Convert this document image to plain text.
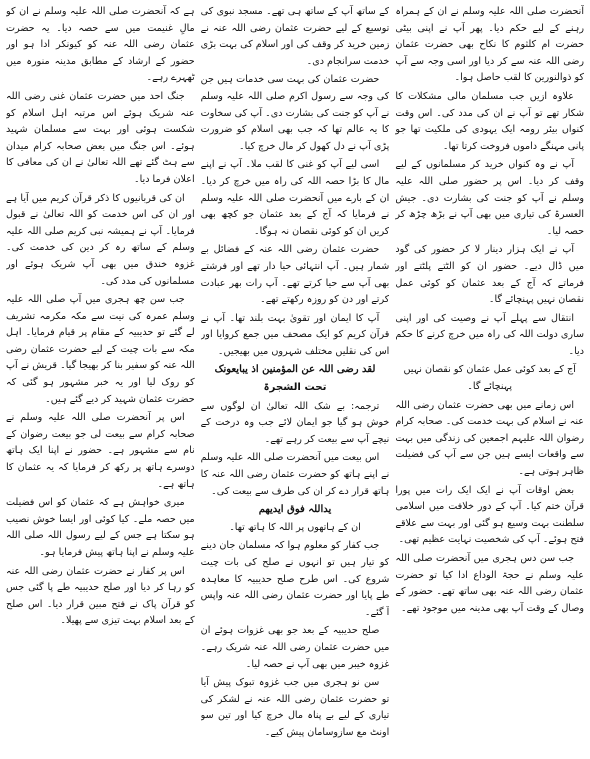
ہے کہ آنحضرت صلی اللہ علیہ وسلم نے ان کو مالِ غنیمت میں سے حصہ دیا۔ یہ حضرت عثمان رضی اللہ عنہ کو کیونکر ادا ہو اور حضور کے ارشاد کے مطابق مدینہ منورہ میں ٹھہرے رہے۔

جنگ احد میں حضرت عثمان غنی رضی اللہ عنہ شریک ہوئے اس مرتبہ اہل اسلام کو شکست ہوئی اور بہت سے مسلمان شہید ہوئے۔ اس جنگ میں بعض صحابہ کرام میدان سے ہٹ گئے تھے اللہ تعالیٰ نے ان کی معافی کا اعلان فرما دیا۔

ان کی قربانیوں کا ذکر قرآن کریم میں آیا ہے اور ان کی اس خدمت کو اللہ تعالیٰ نے قبول فرمایا۔ آپ نے ہمیشہ نبی کریم صلی اللہ علیہ وسلم کے ساتھ رہ کر دین کی خدمت کی۔ غزوہ خندق میں بھی آپ شریک ہوئے اور مسلمانوں کی مدد کی۔

جب سن چھ ہجری میں آپ صلی اللہ علیہ وسلم عمرہ کی نیت سے مکہ مکرمہ تشریف لے گئے تو حدیبیہ کے مقام پر قیام فرمایا۔ اہل مکہ سے بات چیت کے لیے حضرت عثمان رضی اللہ عنہ کو سفیر بنا کر بھیجا گیا۔ قریش نے آپ کو روک لیا اور یہ خبر مشہور ہو گئی کہ حضرت عثمان شہید کر دیے گئے ہیں۔

اس پر آنحضرت صلی اللہ علیہ وسلم نے صحابہ کرام سے بیعت لی جو بیعت رضوان کے نام سے مشہور ہے۔ حضور نے اپنا ایک ہاتھ دوسرے ہاتھ پر رکھ کر فرمایا کہ یہ عثمان کا ہاتھ ہے۔

میری خواہش ہے کہ عثمان کو اس فضیلت میں حصہ ملے۔ کیا کوئی اور ایسا خوش نصیب ہو سکتا ہے جس کے لیے رسول اللہ صلی اللہ علیہ وسلم نے اپنا ہاتھ پیش فرمایا ہو۔

اس پر کفار نے حضرت عثمان رضی اللہ عنہ کو رہا کر دیا اور صلح حدیبیہ طے پا گئی جس کو قرآن پاک نے فتح مبین قرار دیا۔ اس صلح کے بعد اسلام بہت تیزی سے پھیلا۔

کے ساتھ آپ کے ساتھ ہی تھے۔ مسجد نبوی کی توسیع کے لیے حضرت عثمان رضی اللہ عنہ نے زمین خرید کر وقف کی اور اسلام کی بہت بڑی خدمت سرانجام دی۔

حضرت عثمان کی بہت سی خدمات ہیں جن کی وجہ سے رسول اکرم صلی اللہ علیہ وسلم نے آپ کو جنت کی بشارت دی۔ آپ کی سخاوت کا یہ عالم تھا کہ جب بھی اسلام کو ضرورت پڑی آپ نے دل کھول کر مال خرچ کیا۔

اسی لیے آپ کو غنی کا لقب ملا۔ آپ نے اپنے مال کا بڑا حصہ اللہ کی راہ میں خرچ کر دیا۔ ان کے بارے میں آنحضرت صلی اللہ علیہ وسلم نے فرمایا کہ آج کے بعد عثمان جو کچھ بھی کریں ان کو کوئی نقصان نہ ہوگا۔

حضرت عثمان رضی اللہ عنہ کے فضائل بے شمار ہیں۔ آپ انتہائی حیا دار تھے اور فرشتے بھی آپ سے حیا کرتے تھے۔ آپ رات بھر عبادت کرتے اور دن کو روزہ رکھتے تھے۔

آپ کا ایمان اور تقویٰ بہت بلند تھا۔ آپ نے قرآن کریم کو ایک مصحف میں جمع کروایا اور اس کی نقلیں مختلف شہروں میں بھیجیں۔

لقد رضی اللہ عن المؤمنین اذ یبایعونک
تحت الشجرۃ

ترجمہ: بے شک اللہ تعالیٰ ان لوگوں سے خوش ہو گیا جو ایمان لائے جب وہ درخت کے نیچے آپ سے بیعت کر رہے تھے۔

اس بیعت میں آنحضرت صلی اللہ علیہ وسلم نے اپنے ہاتھ کو حضرت عثمان رضی اللہ عنہ کا ہاتھ قرار دے کر ان کی طرف سے بیعت کی۔

یداللہ فوق ایدیھم
ان کے ہاتھوں پر اللہ کا ہاتھ تھا۔

جب کفار کو معلوم ہوا کہ مسلمان جان دینے کو تیار ہیں تو انہوں نے صلح کی بات چیت شروع کی۔ اس طرح صلح حدیبیہ کا معاہدہ طے پایا اور حضرت عثمان رضی اللہ عنہ واپس آ گئے۔

صلح حدیبیہ کے بعد جو بھی غزوات ہوئے ان میں حضرت عثمان رضی اللہ عنہ شریک رہے۔ غزوہ خیبر میں بھی آپ نے حصہ لیا۔

سن نو ہجری میں جب غزوہ تبوک پیش آیا تو حضرت عثمان رضی اللہ عنہ نے لشکر کی تیاری کے لیے بے پناہ مال خرچ کیا اور تین سو اونٹ مع سازوسامان پیش کیے۔

آنحضرت صلی اللہ علیہ وسلم نے ان کے ہمراہ رہنے کے لیے حکم دیا۔ پھر آپ نے اپنی بیٹی حضرت ام کلثوم کا نکاح بھی حضرت عثمان رضی اللہ عنہ سے کر دیا اور اسی وجہ سے آپ کو ذوالنورین کا لقب حاصل ہوا۔

علاوہ ازیں جب مسلمان مالی مشکلات کا شکار تھے تو آپ نے ان کی مدد کی۔ اس وقت کنواں بیئر رومہ ایک یہودی کی ملکیت تھا جو پانی مہنگے داموں فروخت کرتا تھا۔

آپ نے وہ کنواں خرید کر مسلمانوں کے لیے وقف کر دیا۔ اس پر حضور صلی اللہ علیہ وسلم نے آپ کو جنت کی بشارت دی۔ جیش العسرۃ کی تیاری میں بھی آپ نے بڑھ چڑھ کر حصہ لیا۔

آپ نے ایک ہزار دینار لا کر حضور کی گود میں ڈال دیے۔ حضور ان کو الٹتے پلٹتے اور فرماتے کہ آج کے بعد عثمان کو کوئی عمل نقصان نہیں پہنچائے گا۔

انتقال سے پہلے آپ نے وصیت کی اور اپنی ساری دولت اللہ کی راہ میں خرچ کرنے کا حکم دیا۔

آج کے بعد کوئی عمل عثمان کو نقصان نہیں پہنچائے گا۔

اس زمانے میں بھی حضرت عثمان رضی اللہ عنہ نے اسلام کی بہت خدمت کی۔ صحابہ کرام رضوان اللہ علیہم اجمعین کی زندگی میں بہت سے واقعات ایسے ہیں جن سے آپ کی فضیلت ظاہر ہوتی ہے۔

بعض اوقات آپ نے ایک ایک رات میں پورا قرآن ختم کیا۔ آپ کے دور خلافت میں اسلامی سلطنت بہت وسیع ہو گئی اور بہت سے علاقے فتح ہوئے۔ آپ کی شخصیت نہایت عظیم تھی۔

جب سن دس ہجری میں آنحضرت صلی اللہ علیہ وسلم نے حجۃ الوداع ادا کیا تو حضرت عثمان رضی اللہ عنہ بھی ساتھ تھے۔ حضور کے وصال کے وقت آپ بھی مدینہ میں موجود تھے۔
